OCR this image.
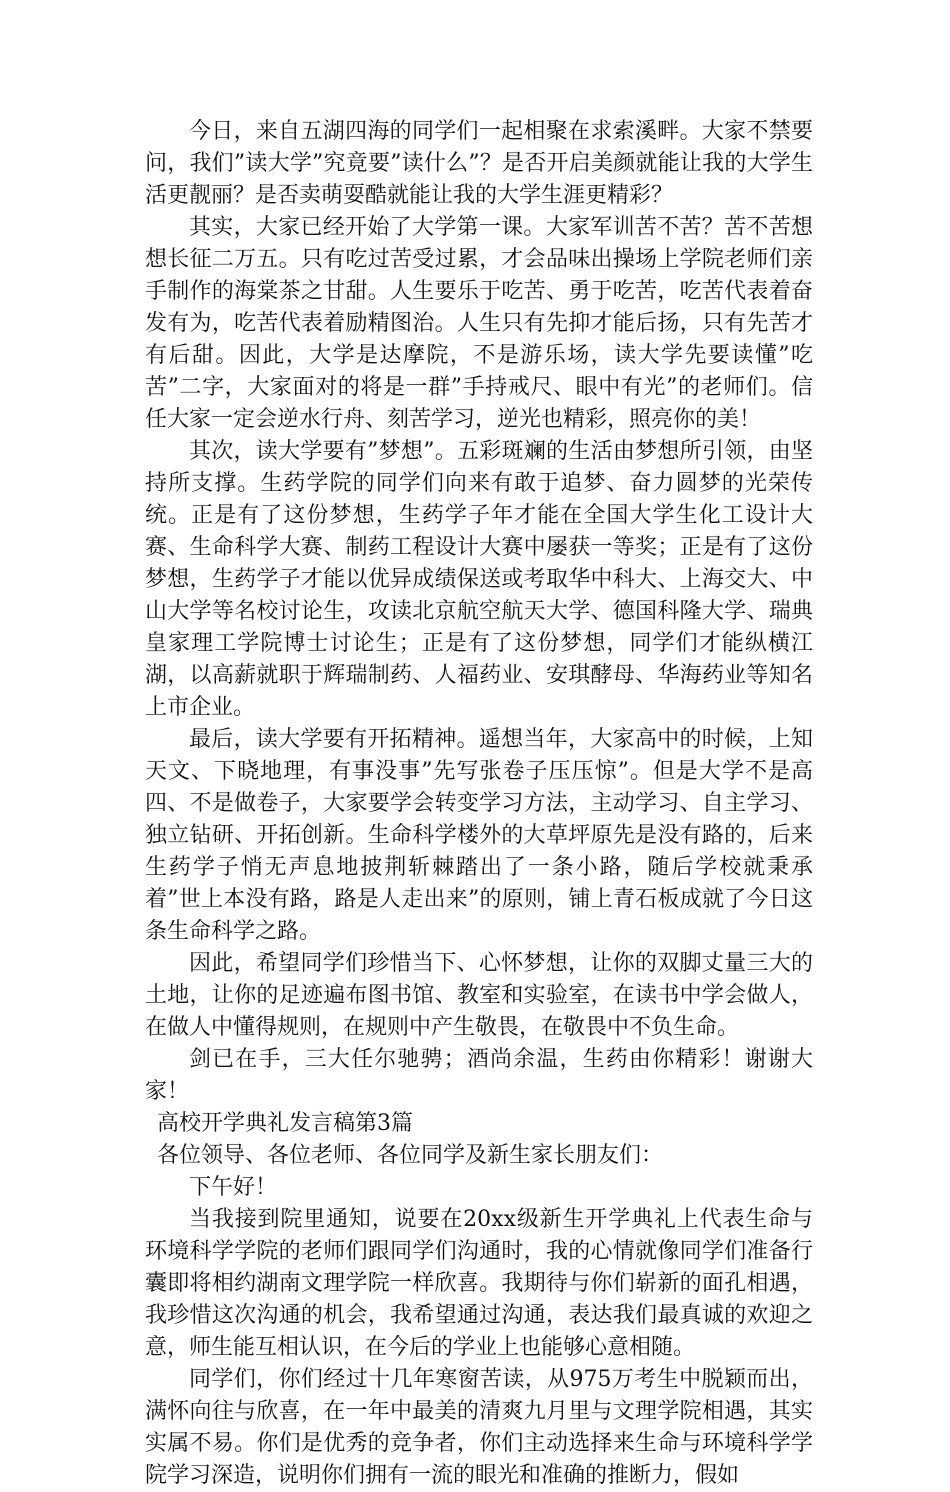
今日，来自五湖四海的同学们一起相聚在求索溪畔。大家不禁要问，我们”读大学”究竟要”读什么”？是否开启美颜就能让我的大学生活更靓丽？是否卖萌耍酷就能让我的大学生涯更精彩？

其实，大家已经开始了大学第一课。大家军训苦不苦？苦不苦想想长征二万五。只有吃过苦受过累，才会品味出操场上学院老师们亲手制作的海棠茶之甘甜。人生要乐于吃苦、勇于吃苦，吃苦代表着奋发有为，吃苦代表着励精图治。人生只有先抑才能后扬，只有先苦才有后甜。因此，大学是达摩院，不是游乐场，读大学先要读懂”吃苦”二字，大家面对的将是一群”手持戒尺、眼中有光”的老师们。信任大家一定会逆水行舟、刻苦学习，逆光也精彩，照亮你的美！

其次，读大学要有”梦想”。五彩斑斓的生活由梦想所引领，由坚持所支撑。生药学院的同学们向来有敢于追梦、奋力圆梦的光荣传统。正是有了这份梦想，生药学子年才能在全国大学生化工设计大赛、生命科学大赛、制药工程设计大赛中屡获一等奖；正是有了这份梦想，生药学子才能以优异成绩保送或考取华中科大、上海交大、中山大学等名校讨论生，攻读北京航空航天大学、德国科隆大学、瑞典皇家理工学院博士讨论生；正是有了这份梦想，同学们才能纵横江湖，以高薪就职于辉瑞制药、人福药业、安琪酵母、华海药业等知名上市企业。

最后，读大学要有开拓精神。遥想当年，大家高中的时候，上知天文、下晓地理，有事没事”先写张卷子压压惊”。但是大学不是高四、不是做卷子，大家要学会转变学习方法，主动学习、自主学习、独立钻研、开拓创新。生命科学楼外的大草坪原先是没有路的，后来生药学子悄无声息地披荆斩棘踏出了一条小路，随后学校就秉承着”世上本没有路，路是人走出来”的原则，铺上青石板成就了今日这条生命科学之路。

因此，希望同学们珍惜当下、心怀梦想，让你的双脚丈量三大的土地，让你的足迹遍布图书馆、教室和实验室，在读书中学会做人，在做人中懂得规则，在规则中产生敬畏，在敬畏中不负生命。

剑已在手，三大任尔驰骋；酒尚余温，生药由你精彩！谢谢大家！

高校开学典礼发言稿第3篇

各位领导、各位老师、各位同学及新生家长朋友们：

下午好！

当我接到院里通知，说要在20xx级新生开学典礼上代表生命与环境科学学院的老师们跟同学们沟通时，我的心情就像同学们准备行囊即将相约湖南文理学院一样欣喜。我期待与你们崭新的面孔相遇，我珍惜这次沟通的机会，我希望通过沟通，表达我们最真诚的欢迎之意，师生能互相认识，在今后的学业上也能够心意相随。

同学们，你们经过十几年寒窗苦读，从975万考生中脱颖而出，满怀向往与欣喜，在一年中最美的清爽九月里与文理学院相遇，其实实属不易。你们是优秀的竞争者，你们主动选择来生命与环境科学学院学习深造，说明你们拥有一流的眼光和准确的推断力，假如
